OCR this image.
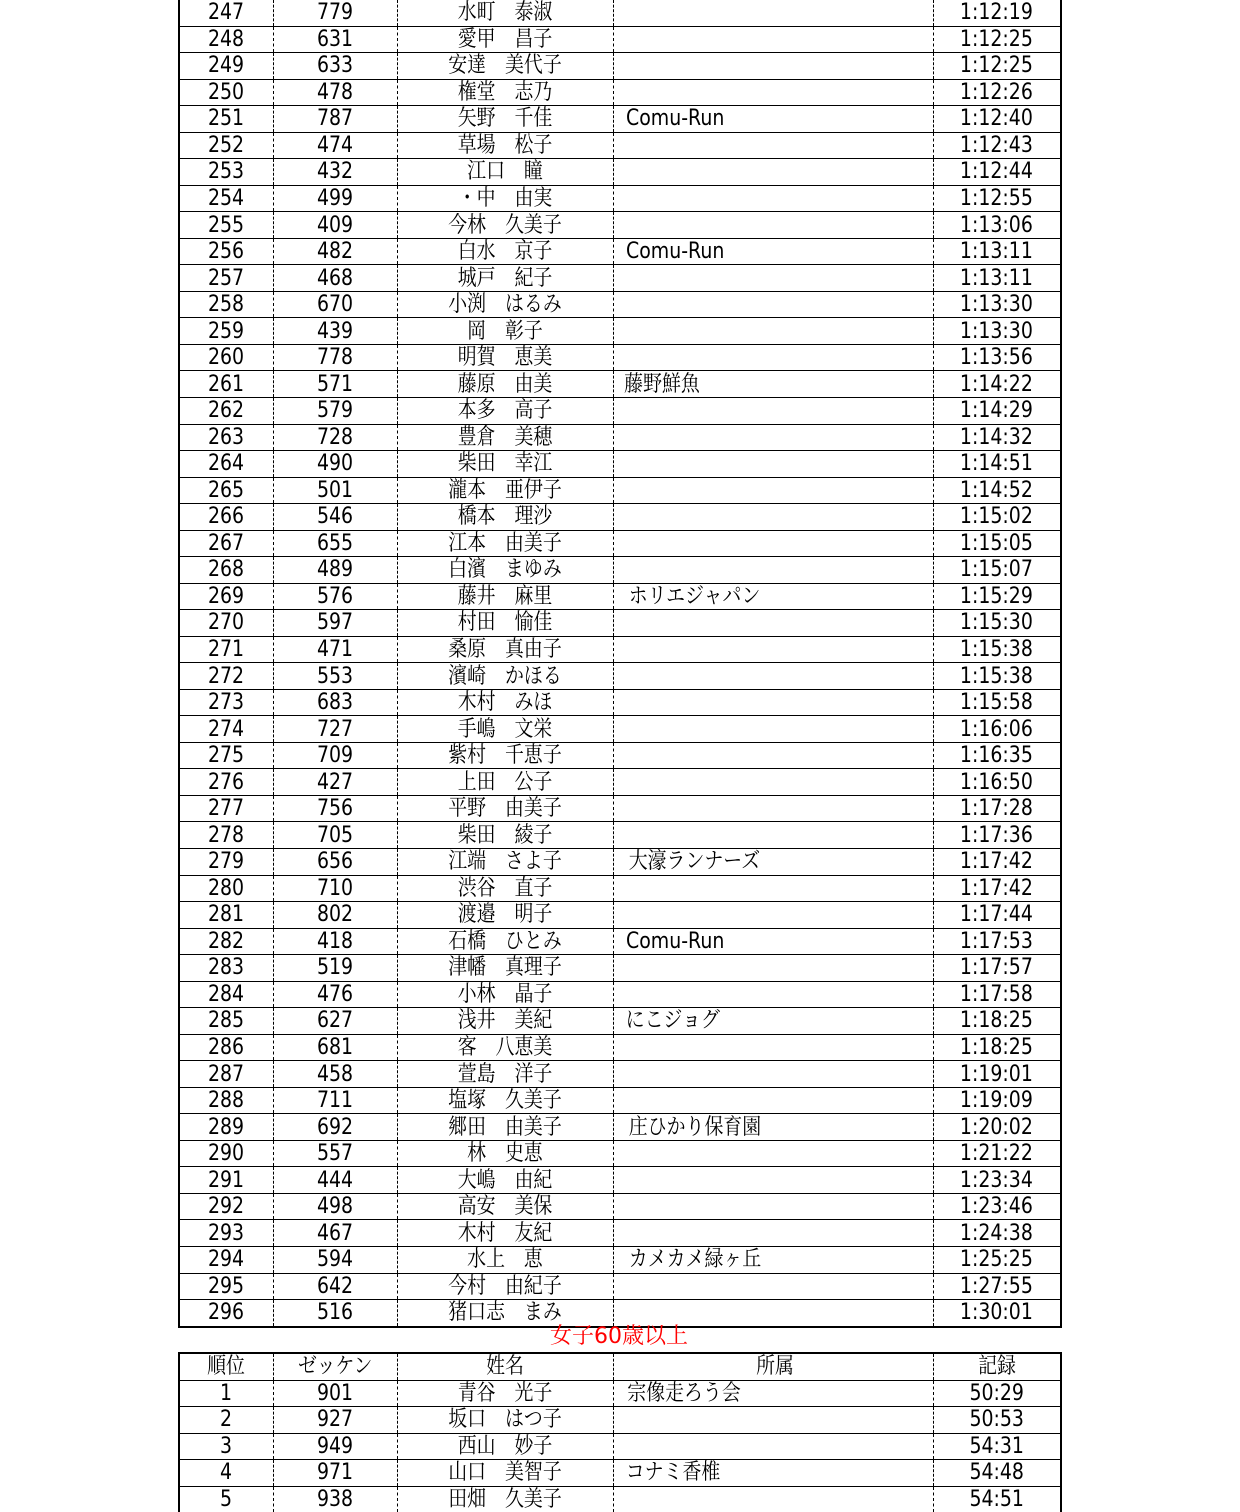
247	779	水町　泰淑		1:12:19
248	631	愛甲　昌子		1:12:25
249	633	安達　美代子		1:12:25
250	478	権堂　志乃		1:12:26
251	787	矢野　千佳	Comu-Run	1:12:40
252	474	草場　松子		1:12:43
253	432	江口　瞳		1:12:44
254	499	・中　由実		1:12:55
255	409	今林　久美子		1:13:06
256	482	白水　京子	Comu-Run	1:13:11
257	468	城戸　紀子		1:13:11
258	670	小渕　はるみ		1:13:30
259	439	岡　彰子		1:13:30
260	778	明賀　恵美		1:13:56
261	571	藤原　由美	藤野鮮魚	1:14:22
262	579	本多　高子		1:14:29
263	728	豊倉　美穂		1:14:32
264	490	柴田　幸江		1:14:51
265	501	瀧本　亜伊子		1:14:52
266	546	橋本　理沙		1:15:02
267	655	江本　由美子		1:15:05
268	489	白濱　まゆみ		1:15:07
269	576	藤井　麻里	ホリエジャパン	1:15:29
270	597	村田　愉佳		1:15:30
271	471	桑原　真由子		1:15:38
272	553	濱崎　かほる		1:15:38
273	683	木村　みほ		1:15:58
274	727	手嶋　文栄		1:16:06
275	709	紫村　千恵子		1:16:35
276	427	上田　公子		1:16:50
277	756	平野　由美子		1:17:28
278	705	柴田　綾子		1:17:36
279	656	江端　さよ子	大濠ランナーズ	1:17:42
280	710	渋谷　直子		1:17:42
281	802	渡邉　明子		1:17:44
282	418	石橋　ひとみ	Comu-Run	1:17:53
283	519	津幡　真理子		1:17:57
284	476	小林　晶子		1:17:58
285	627	浅井　美紀	にこジョグ	1:18:25
286	681	客　八恵美		1:18:25
287	458	萱島　洋子		1:19:01
288	711	塩塚　久美子		1:19:09
289	692	郷田　由美子	庄ひかり保育園	1:20:02
290	557	林　史恵		1:21:22
291	444	大嶋　由紀		1:23:34
292	498	高安　美保		1:23:46
293	467	木村　友紀		1:24:38
294	594	水上　恵	カメカメ緑ヶ丘	1:25:25
295	642	今村　由紀子		1:27:55
296	516	猪口志　まみ		1:30:01
女子60歳以上
順位	ゼッケン	姓名	所属	記録
1	901	青谷　光子	宗像走ろう会	50:29
2	927	坂口　はつ子		50:53
3	949	西山　妙子		54:31
4	971	山口　美智子	コナミ香椎	54:48
5	938	田畑　久美子		54:51
